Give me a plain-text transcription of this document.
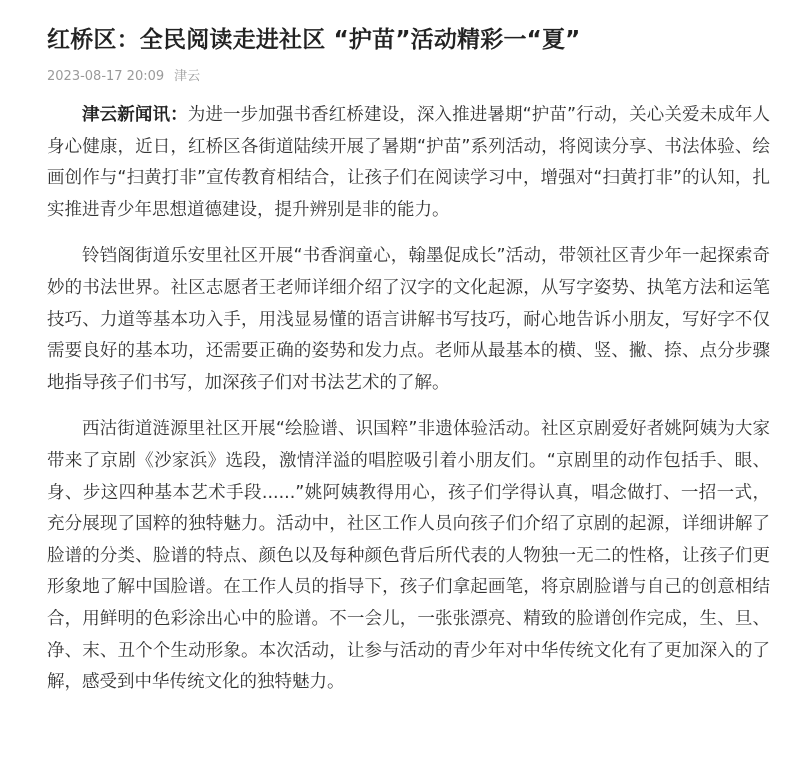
红桥区：全民阅读走进社区 “护苗”活动精彩一“夏”
2023-08-17 20:09 津云

津云新闻讯：为进一步加强书香红桥建设，深入推进暑期“护苗”行动，关心关爱未成年人身心健康，近日，红桥区各街道陆续开展了暑期“护苗”系列活动，将阅读分享、书法体验、绘画创作与“扫黄打非”宣传教育相结合，让孩子们在阅读学习中，增强对“扫黄打非”的认知，扎实推进青少年思想道德建设，提升辨别是非的能力。

铃铛阁街道乐安里社区开展“书香润童心，翰墨促成长”活动，带领社区青少年一起探索奇妙的书法世界。社区志愿者王老师详细介绍了汉字的文化起源，从写字姿势、执笔方法和运笔技巧、力道等基本功入手，用浅显易懂的语言讲解书写技巧，耐心地告诉小朋友，写好字不仅需要良好的基本功，还需要正确的姿势和发力点。老师从最基本的横、竖、撇、捺、点分步骤地指导孩子们书写，加深孩子们对书法艺术的了解。

西沽街道涟源里社区开展“绘脸谱、识国粹”非遗体验活动。社区京剧爱好者姚阿姨为大家带来了京剧《沙家浜》选段，激情洋溢的唱腔吸引着小朋友们。“京剧里的动作包括手、眼、身、步这四种基本艺术手段......”姚阿姨教得用心，孩子们学得认真，唱念做打、一招一式，充分展现了国粹的独特魅力。活动中，社区工作人员向孩子们介绍了京剧的起源，详细讲解了脸谱的分类、脸谱的特点、颜色以及每种颜色背后所代表的人物独一无二的性格，让孩子们更形象地了解中国脸谱。在工作人员的指导下，孩子们拿起画笔，将京剧脸谱与自己的创意相结合，用鲜明的色彩涂出心中的脸谱。不一会儿，一张张漂亮、精致的脸谱创作完成，生、旦、净、末、丑个个生动形象。本次活动，让参与活动的青少年对中华传统文化有了更加深入的了解，感受到中华传统文化的独特魅力。
